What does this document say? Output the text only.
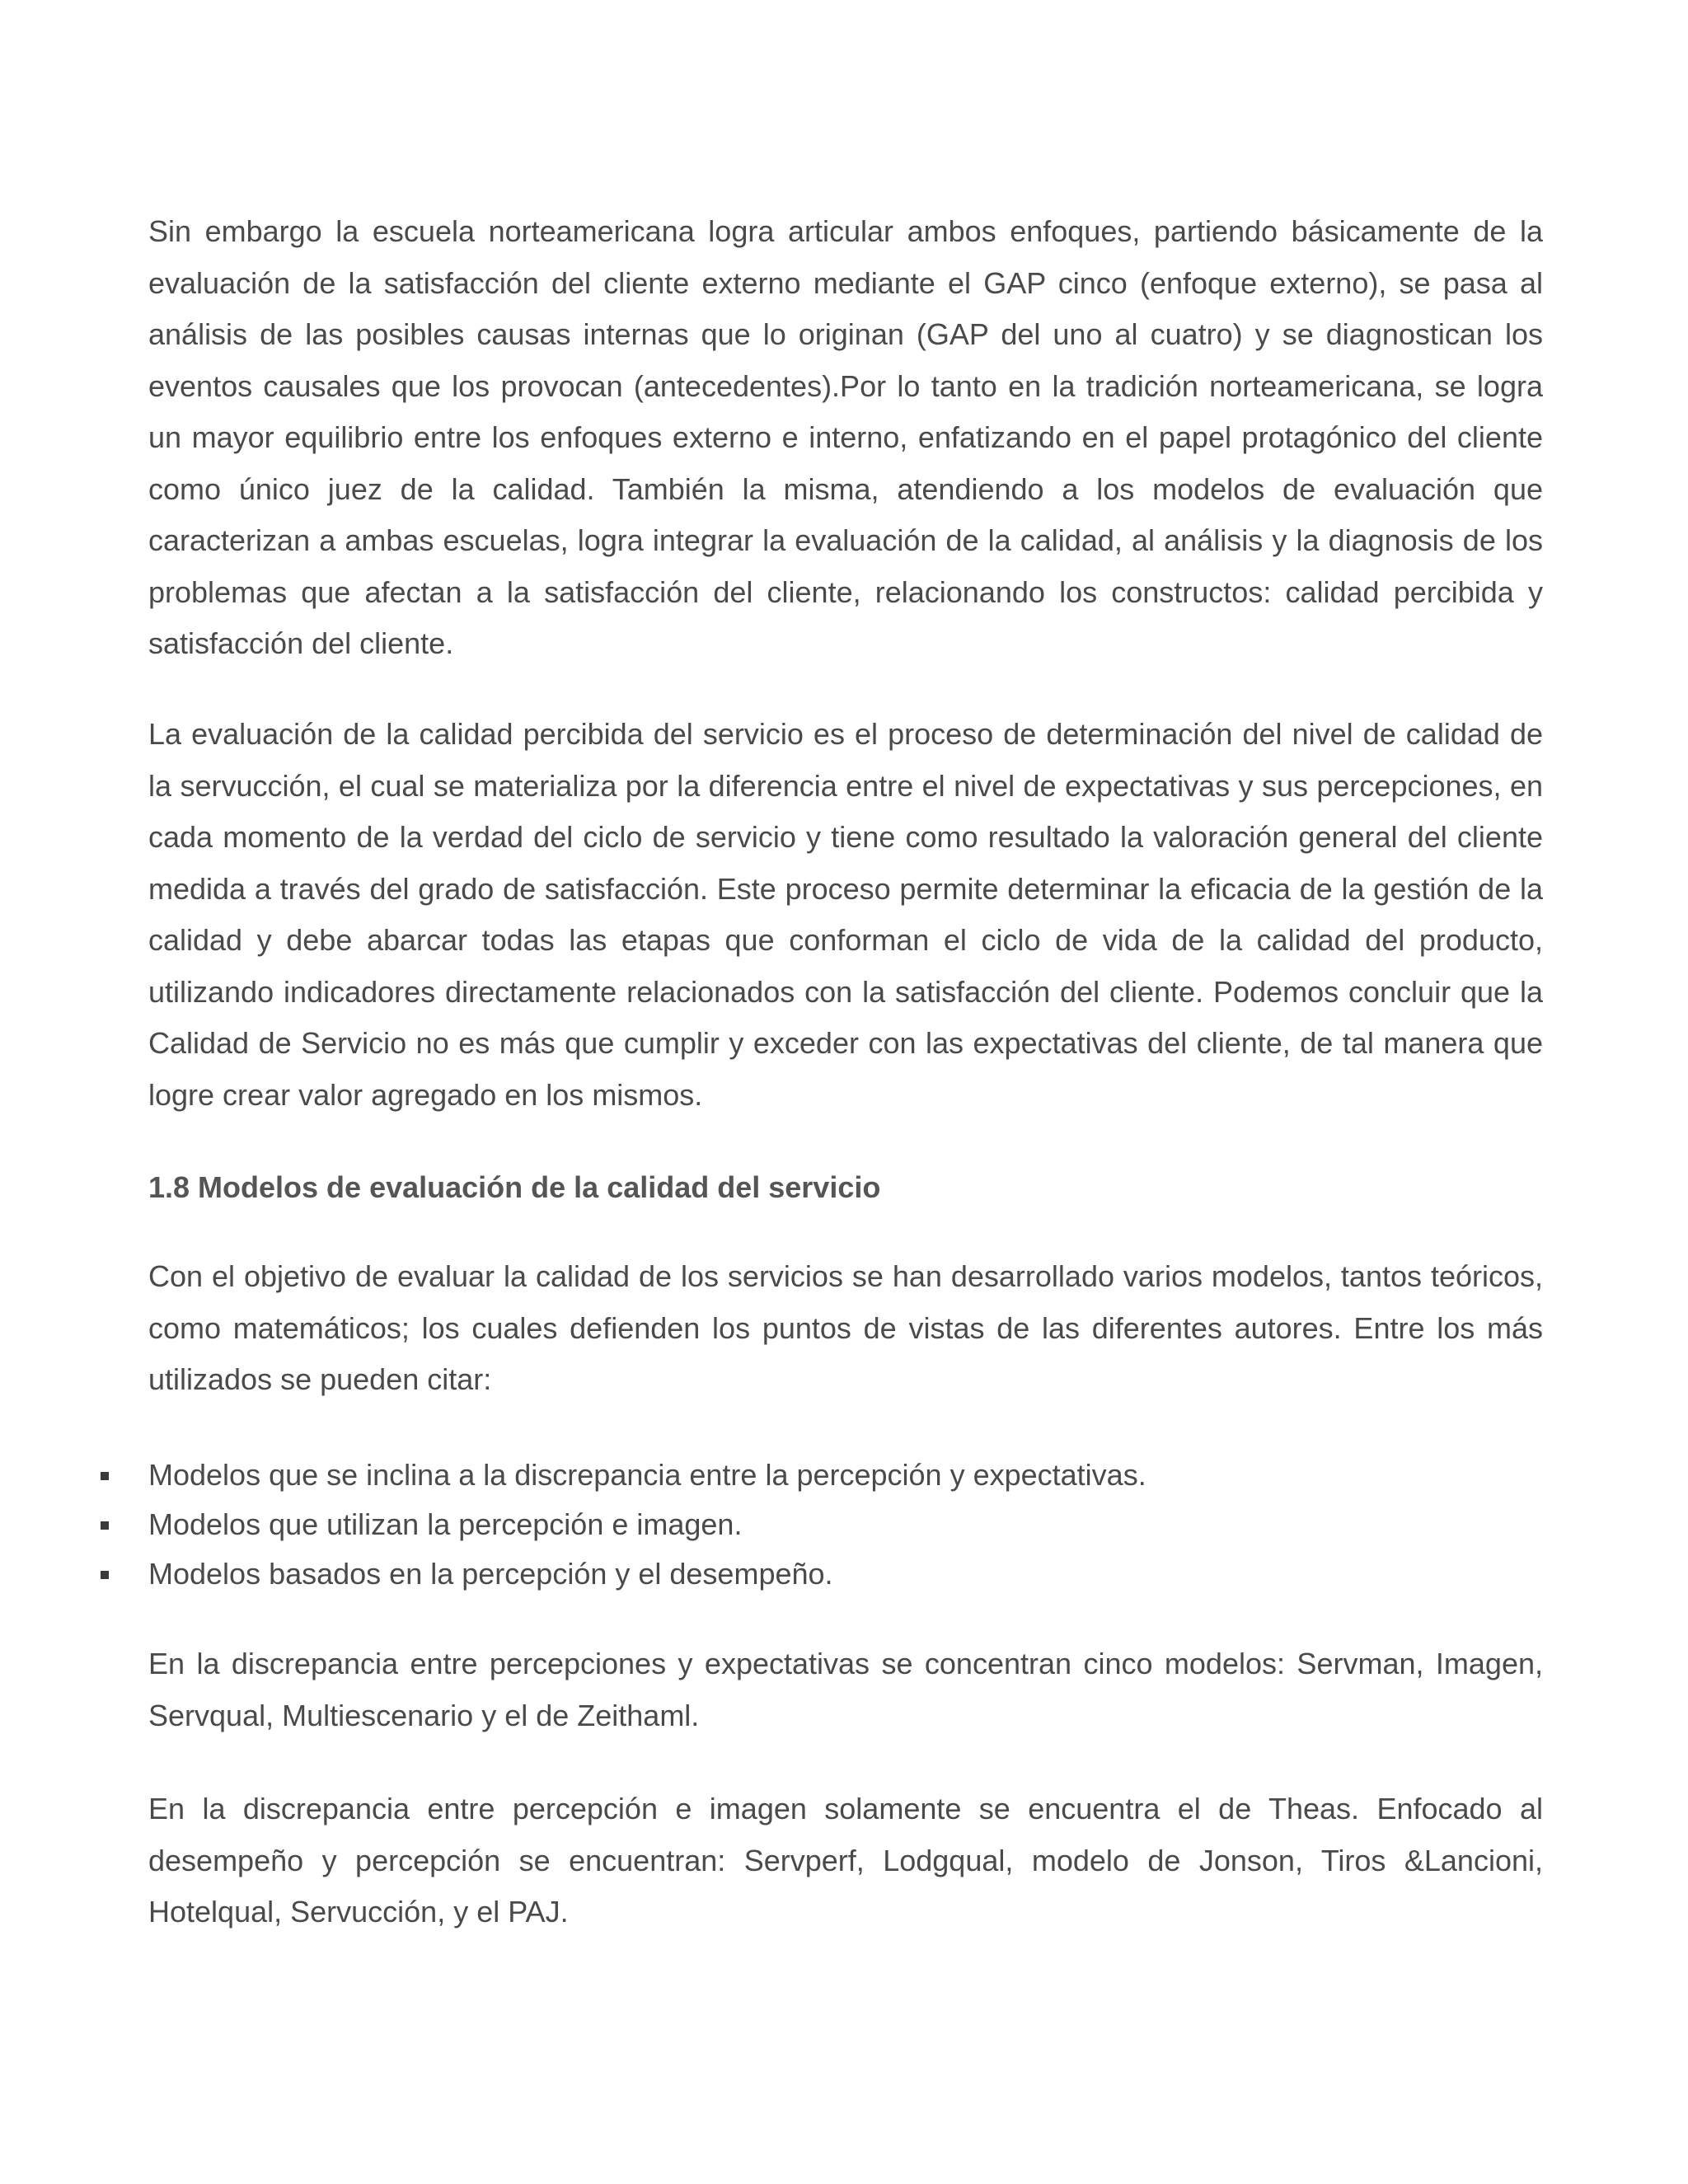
Sin embargo la escuela norteamericana logra articular ambos enfoques, partiendo básicamente de la evaluación de la satisfacción del cliente externo mediante el GAP cinco (enfoque externo), se pasa al análisis de las posibles causas internas que lo originan (GAP del uno al cuatro) y se diagnostican los eventos causales que los provocan (antecedentes).Por lo tanto en la tradición norteamericana, se logra un mayor equilibrio entre los enfoques externo e interno, enfatizando en el papel protagónico del cliente como único juez de la calidad. También la misma, atendiendo a los modelos de evaluación que caracterizan a ambas escuelas, logra integrar la evaluación de la calidad, al análisis y la diagnosis de los problemas que afectan a la satisfacción del cliente, relacionando los constructos: calidad percibida y satisfacción del cliente.

La evaluación de la calidad percibida del servicio es el proceso de determinación del nivel de calidad de la servucción, el cual se materializa por la diferencia entre el nivel de expectativas y sus percepciones, en cada momento de la verdad del ciclo de servicio y tiene como resultado la valoración general del cliente medida a través del grado de satisfacción. Este proceso permite determinar la eficacia de la gestión de la calidad y debe abarcar todas las etapas que conforman el ciclo de vida de la calidad del producto, utilizando indicadores directamente relacionados con la satisfacción del cliente. Podemos concluir que la Calidad de Servicio no es más que cumplir y exceder con las expectativas del cliente, de tal manera que logre crear valor agregado en los mismos.

1.8 Modelos de evaluación de la calidad del servicio

Con el objetivo de evaluar la calidad de los servicios se han desarrollado varios modelos, tantos teóricos, como matemáticos; los cuales defienden los puntos de vistas de las diferentes autores. Entre los más utilizados se pueden citar:

Modelos que se inclina a la discrepancia entre la percepción y expectativas.
Modelos que utilizan la percepción e imagen.
Modelos basados en la percepción y el desempeño.

En la discrepancia entre percepciones y expectativas se concentran cinco modelos: Servman, Imagen, Servqual, Multiescenario y el de Zeithaml.

En la discrepancia entre percepción e imagen solamente se encuentra el de Theas. Enfocado al desempeño y percepción se encuentran: Servperf, Lodgqual, modelo de Jonson, Tiros &Lancioni, Hotelqual, Servucción, y el PAJ.
